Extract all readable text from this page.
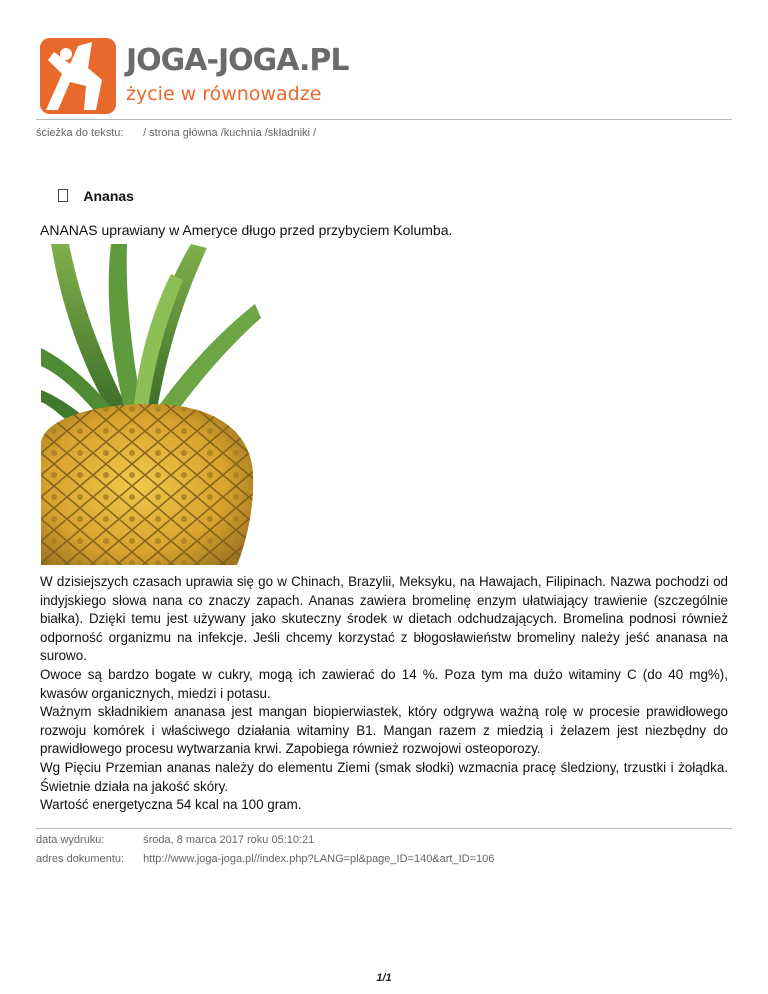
JOGA-JOGA.PL
życie w równowadze
ścieżka do tekstu: / strona główna /kuchnia /składniki /
Ananas
ANANAS uprawiany w Ameryce długo przed przybyciem Kolumba.

W dzisiejszych czasach uprawia się go w Chinach, Brazylii, Meksyku, na Hawajach, Filipinach. Nazwa pochodzi od indyjskiego słowa nana co znaczy zapach. Ananas zawiera bromelinę enzym ułatwiający trawienie (szczególnie białka). Dzięki temu jest używany jako skuteczny środek w dietach odchudzających. Bromelina podnosi również odporność organizmu na infekcje. Jeśli chcemy korzystać z błogosławieństw bromeliny należy jeść ananasa na surowo.

Owoce są bardzo bogate w cukry, mogą ich zawierać do 14 %. Poza tym ma dużo witaminy C (do 40 mg%), kwasów organicznych, miedzi i potasu.

Ważnym składnikiem ananasa jest mangan biopierwiastek, który odgrywa ważną rolę w procesie prawidłowego rozwoju komórek i właściwego działania witaminy B1. Mangan razem z miedzią i żelazem jest niezbędny do prawidłowego procesu wytwarzania krwi. Zapobiega również rozwojowi osteoporozy.

Wg Pięciu Przemian ananas należy do elementu Ziemi (smak słodki) wzmacnia pracę śledziony, trzustki i żołądka. Świetnie działa na jakość skóry.

Wartość energetyczna 54 kcal na 100 gram.

data wydruku:	środa, 8 marca 2017 roku 05:10:21
adres dokumentu: http://www.joga-joga.pl//index.php?LANG=pl&page_ID=140&art_ID=106
1/1
